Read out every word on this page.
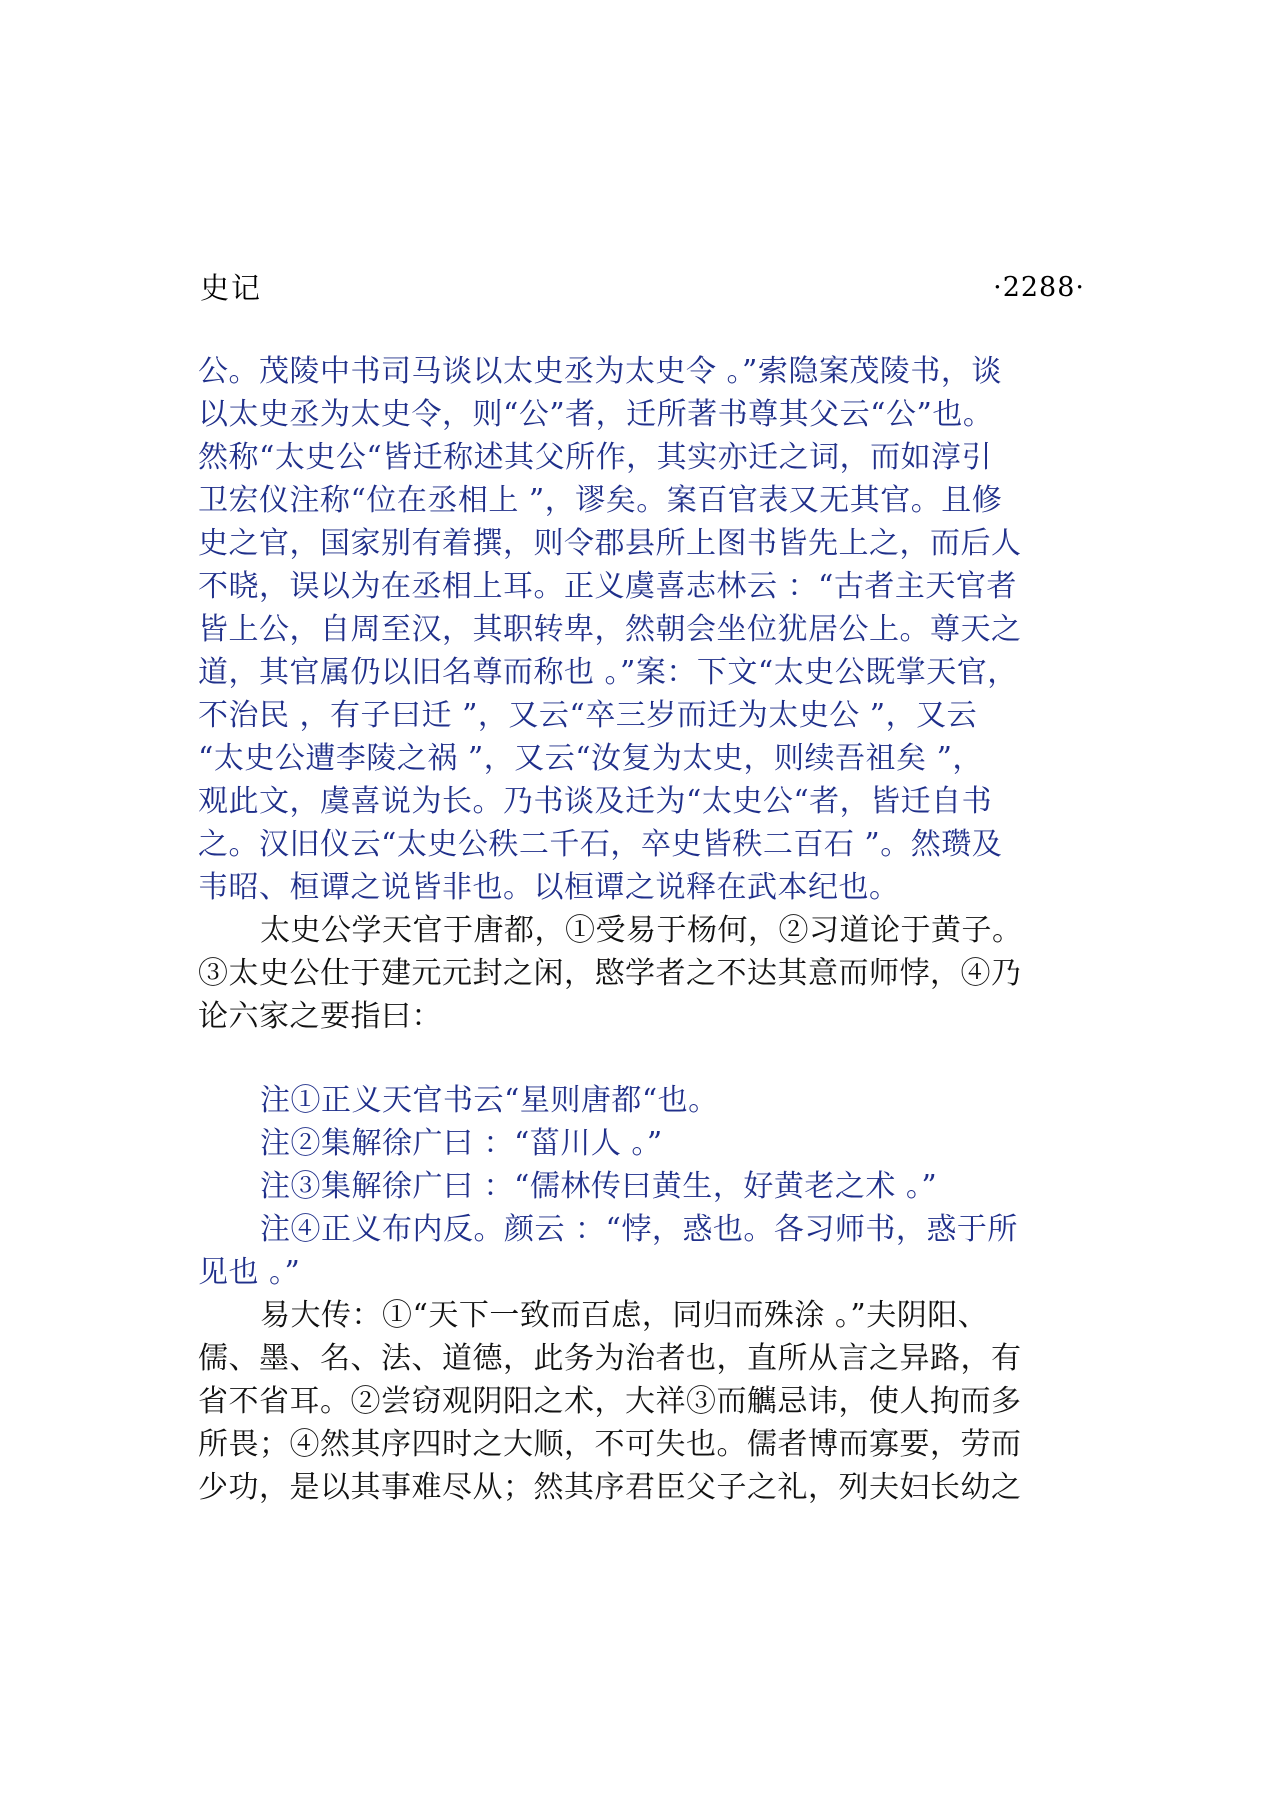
史记	·2288·
公。茂陵中书司马谈以太史丞为太史令 。”索隐案茂陵书，谈
以太史丞为太史令，则“公”者，迁所著书尊其父云“公”也。
然称“太史公“皆迁称述其父所作，其实亦迁之词，而如淳引
卫宏仪注称“位在丞相上 ”，谬矣。案百官表又无其官。且修
史之官，国家别有着撰，则令郡县所上图书皆先上之，而后人
不晓，误以为在丞相上耳。正义虞喜志林云 ：“古者主天官者
皆上公，自周至汉，其职转卑，然朝会坐位犹居公上。尊天之
道，其官属仍以旧名尊而称也 。”案：下文“太史公既掌天官，
不治民 ，有子曰迁 ”，又云“卒三岁而迁为太史公 ”，又云
“太史公遭李陵之祸 ”，又云“汝复为太史，则续吾祖矣 ”，
观此文，虞喜说为长。乃书谈及迁为“太史公“者，皆迁自书
之。汉旧仪云“太史公秩二千石，卒史皆秩二百石 ”。然瓒及
韦昭、桓谭之说皆非也。以桓谭之说释在武本纪也。
太史公学天官于唐都，①受易于杨何，②习道论于黄子。
③太史公仕于建元元封之闲，愍学者之不达其意而师悖，④乃
论六家之要指曰：
注①正义天官书云“星则唐都“也。
注②集解徐广曰 ：“菑川人 。”
注③集解徐广曰 ：“儒林传曰黄生，好黄老之术 。”
注④正义布内反。颜云 ：“悖，惑也。各习师书，惑于所
见也 。”
易大传：①“天下一致而百虑，同归而殊涂 。”夫阴阳、
儒、墨、名、法、道德，此务为治者也，直所从言之异路，有
省不省耳。②尝窃观阴阳之术，大祥③而觽忌讳，使人拘而多
所畏；④然其序四时之大顺，不可失也。儒者博而寡要，劳而
少功，是以其事难尽从；然其序君臣父子之礼，列夫妇长幼之
